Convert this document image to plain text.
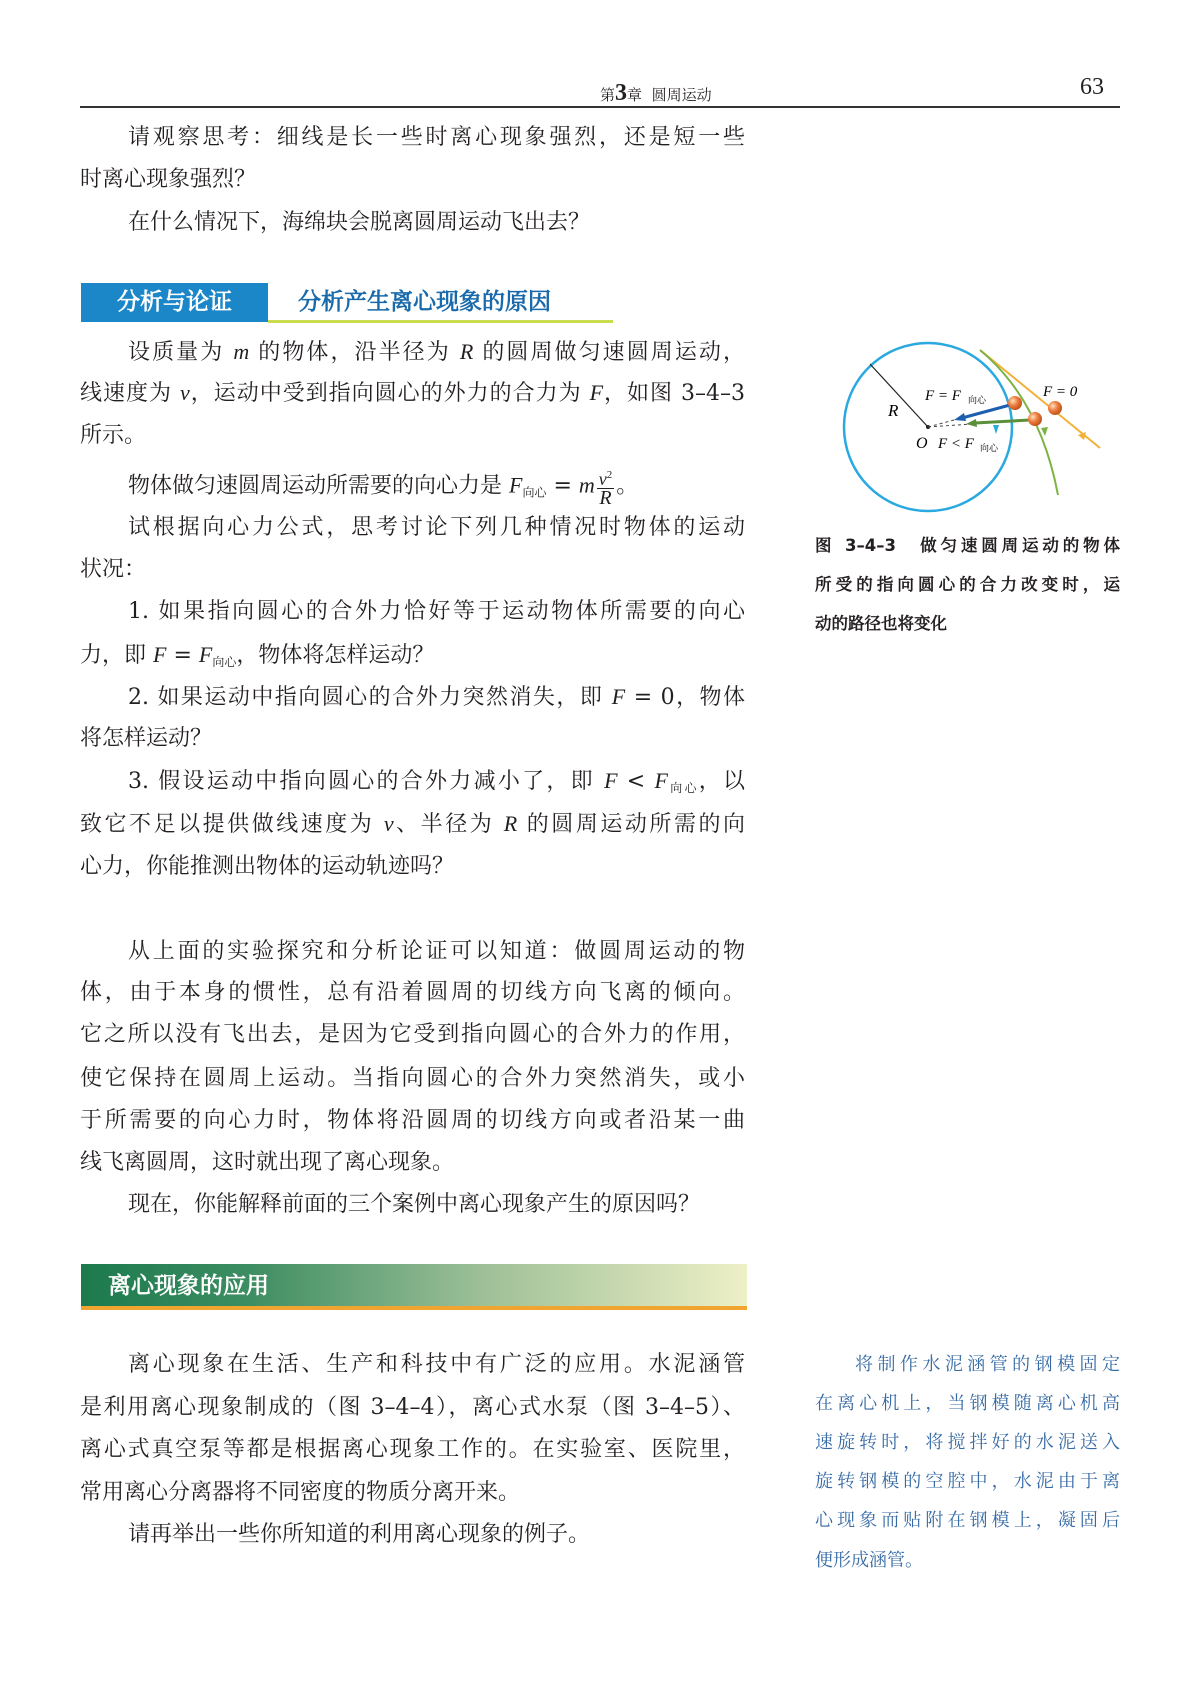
第3章 圆周运动	63
请观察思考：细线是长一些时离心现象强烈，还是短一些
时离心现象强烈？
在什么情况下，海绵块会脱离圆周运动飞出去？
分析与论证	分析产生离心现象的原因
设质量为 m 的物体，沿半径为 R 的圆周做匀速圆周运动，
线速度为 v，运动中受到指向圆心的外力的合力为 F，如图 3–4–3
所示。
物体做匀速圆周运动所需要的向心力是 $F_{向心} = m \frac{v^2}{R}$ 。
试根据向心力公式，思考讨论下列几种情况时物体的运动
状况：
1. 如果指向圆心的合外力恰好等于运动物体所需要的向心
力，即 $F = F_{向心}$，物体将怎样运动？
2. 如果运动中指向圆心的合外力突然消失，即 F = 0，物体
将怎样运动？
3. 假设运动中指向圆心的合外力减小了，即 $F < F_{向心}$，以
致它不足以提供做线速度为 v、半径为 R 的圆周运动所需的向
心力，你能推测出物体的运动轨迹吗？
从上面的实验探究和分析论证可以知道：做圆周运动的物
体，由于本身的惯性，总有沿着圆周的切线方向飞离的倾向。
它之所以没有飞出去，是因为它受到指向圆心的合外力的作用，
使它保持在圆周上运动。当指向圆心的合外力突然消失，或小
于所需要的向心力时，物体将沿圆周的切线方向或者沿某一曲
线飞离圆周，这时就出现了离心现象。
现在，你能解释前面的三个案例中离心现象产生的原因吗？
离心现象的应用
离心现象在生活、生产和科技中有广泛的应用。水泥涵管
是利用离心现象制成的（图 3–4–4），离心式水泵（图 3–4–5）、
离心式真空泵等都是根据离心现象工作的。在实验室、医院里，
常用离心分离器将不同密度的物质分离开来。
请再举出一些你所知道的利用离心现象的例子。
R
O
F = F 向心
F < F 向心
F = 0
图 3–4–3　做匀速圆周运动的物体
所受的指向圆心的合力改变时，运
动的路径也将变化
将制作水泥涵管的钢模固定
在离心机上，当钢模随离心机高
速旋转时，将搅拌好的水泥送入
旋转钢模的空腔中，水泥由于离
心现象而贴附在钢模上，凝固后
便形成涵管。
